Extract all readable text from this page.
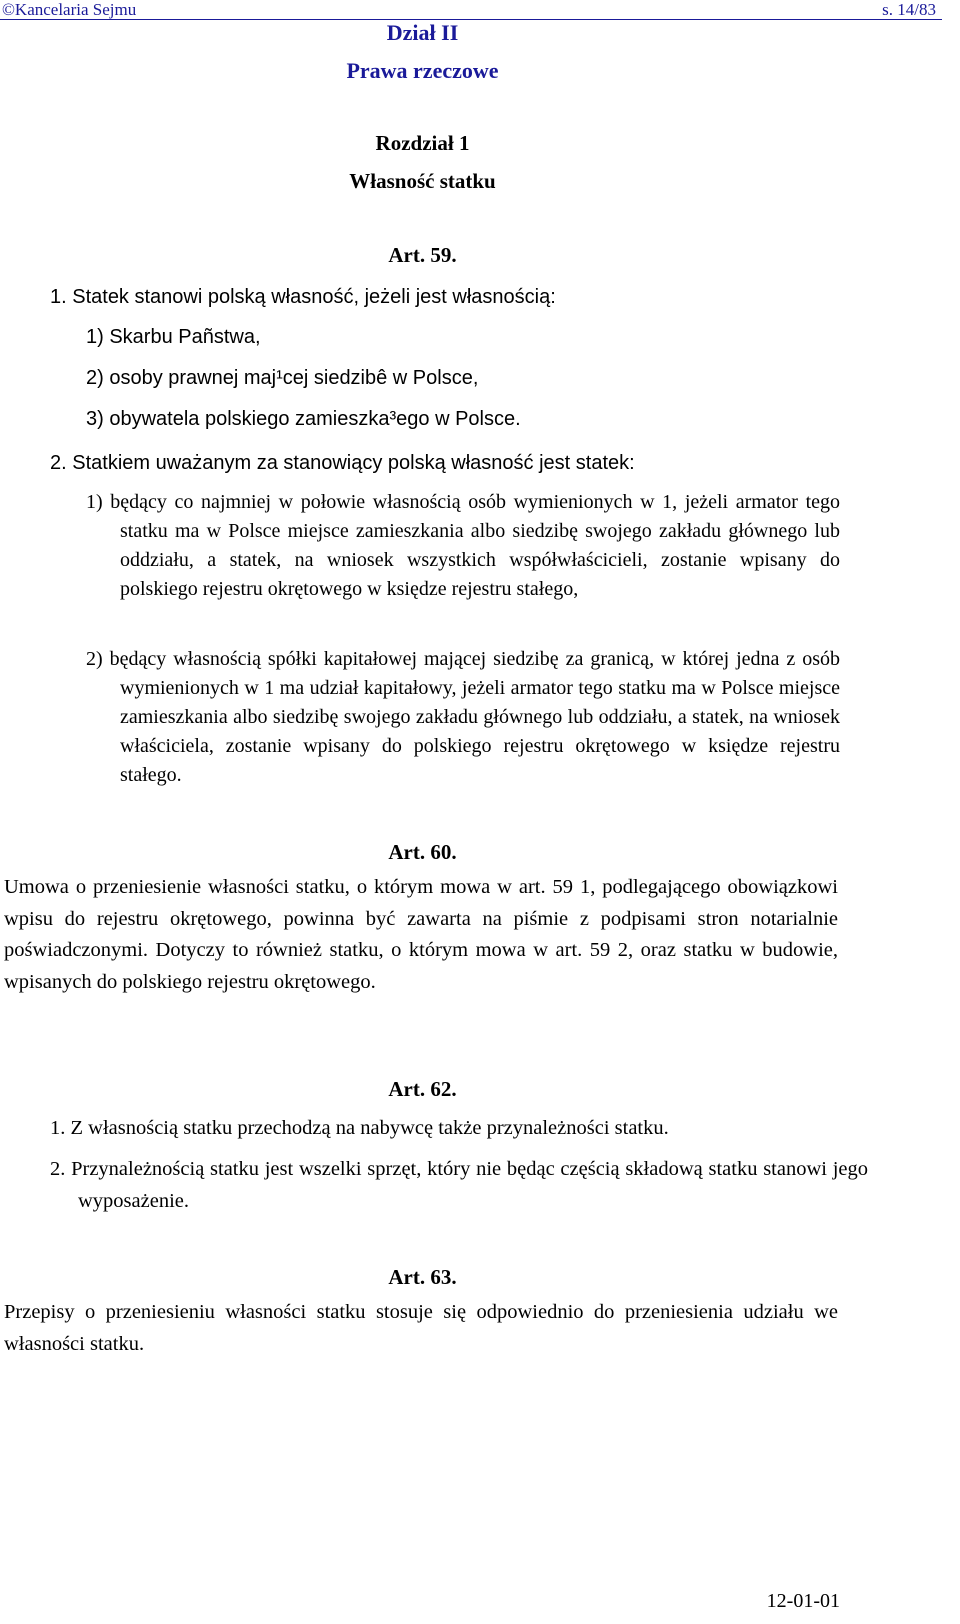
©Kancelaria Sejmu	s. 14/83
Dział II
Prawa rzeczowe
Rozdział 1
Własność statku
Art. 59.
1. Statek stanowi polską własność, jeżeli jest własnością:
1) Skarbu Pañstwa,
2) osoby prawnej maj¹cej siedzibê w Polsce,
3) obywatela polskiego zamieszka³ego w Polsce.
2. Statkiem uważanym za stanowiący polską własność jest statek:

1) będący co najmniej w połowie własnością osób wymienionych w 1, jeżeli armator tego statku ma w Polsce miejsce zamieszkania albo siedzibę swojego zakładu głównego lub oddziału, a statek, na wniosek wszystkich współwłaścicieli, zostanie wpisany do polskiego rejestru okrętowego w księdze rejestru stałego,

2) będący własnością spółki kapitałowej mającej siedzibę za granicą, w której jedna z osób wymienionych w 1 ma udział kapitałowy, jeżeli armator tego statku ma w Polsce miejsce zamieszkania albo siedzibę swojego zakładu głównego lub oddziału, a statek, na wniosek właściciela, zostanie wpisany do polskiego rejestru okrętowego w księdze rejestru stałego.

Art. 60.
Umowa o przeniesienie własności statku, o którym mowa w art. 59 1, podlegającego obowiązkowi wpisu do rejestru okrętowego, powinna być zawarta na piśmie z podpisami stron notarialnie poświadczonymi. Dotyczy to również statku, o którym mowa w art. 59 2, oraz statku w budowie, wpisanych do polskiego rejestru okrętowego.
Art. 62.
1. Z własnością statku przechodzą na nabywcę także przynależności statku.
2. Przynależnością statku jest wszelki sprzęt, który nie będąc częścią składową statku stanowi jego wyposażenie.
Art. 63.
Przepisy o przeniesieniu własności statku stosuje się odpowiednio do przeniesienia udziału we własności statku.
12-01-01
